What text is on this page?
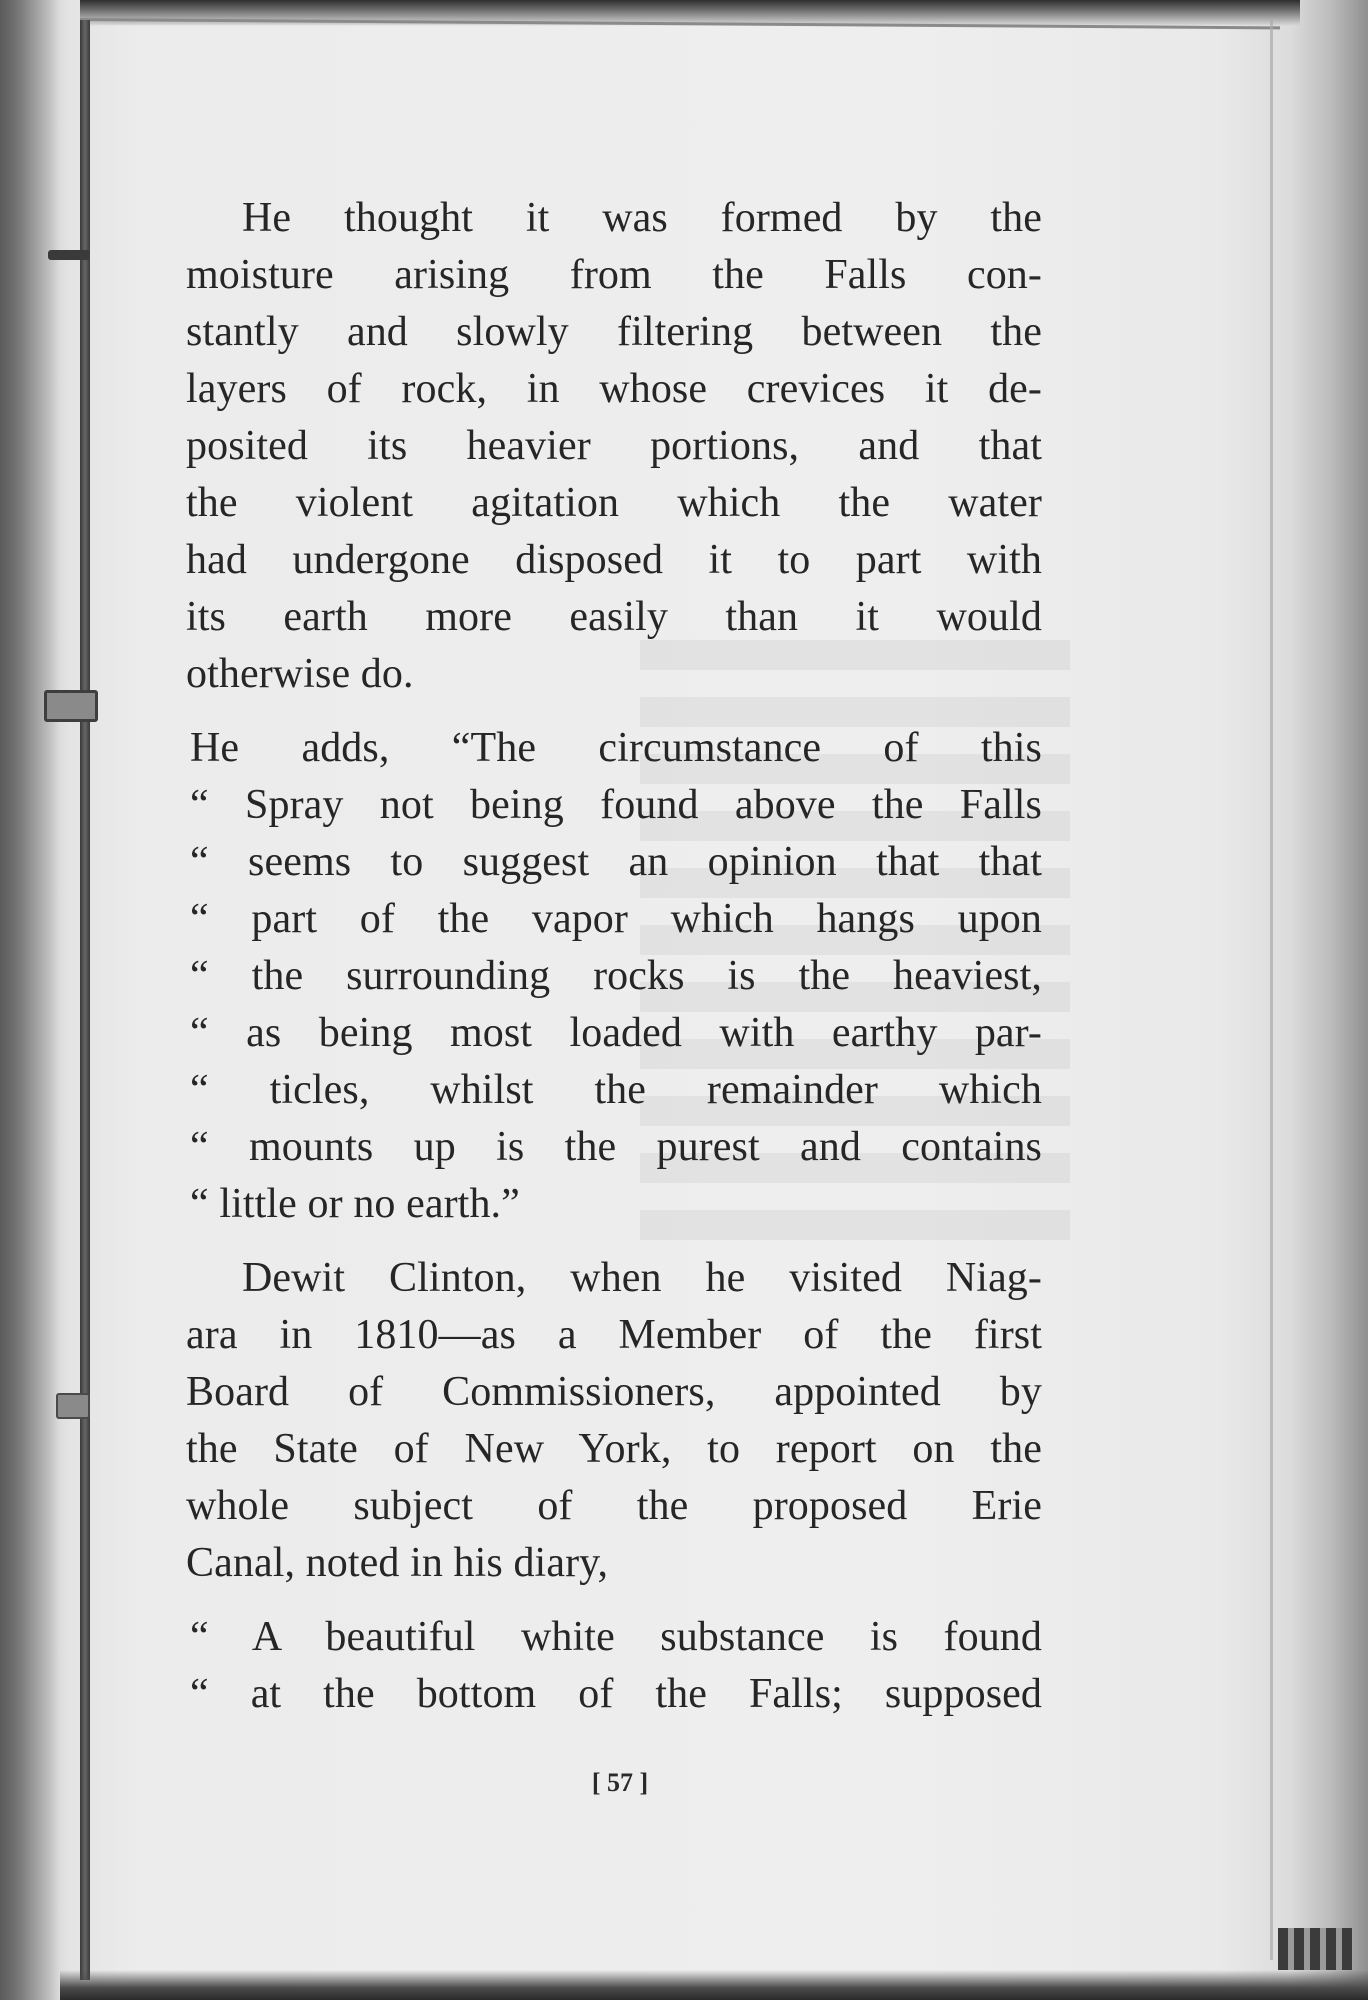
He thought it was formed by the
moisture arising from the Falls con-
stantly and slowly filtering between the
layers of rock, in whose crevices it de-
posited its heavier portions, and that
the violent agitation which the water
had undergone disposed it to part with
its earth more easily than it would
otherwise do.

He adds, “The circumstance of this
“ Spray not being found above the Falls
“ seems to suggest an opinion that that
“ part of the vapor which hangs upon
“ the surrounding rocks is the heaviest,
“ as being most loaded with earthy par-
“ ticles, whilst the remainder which
“ mounts up is the purest and contains
“ little or no earth.”

Dewit Clinton, when he visited Niag-
ara in 1810—as a Member of the first
Board of Commissioners, appointed by
the State of New York, to report on the
whole subject of the proposed Erie
Canal, noted in his diary,

“ A beautiful white substance is found
“ at the bottom of the Falls; supposed

[ 57 ]
